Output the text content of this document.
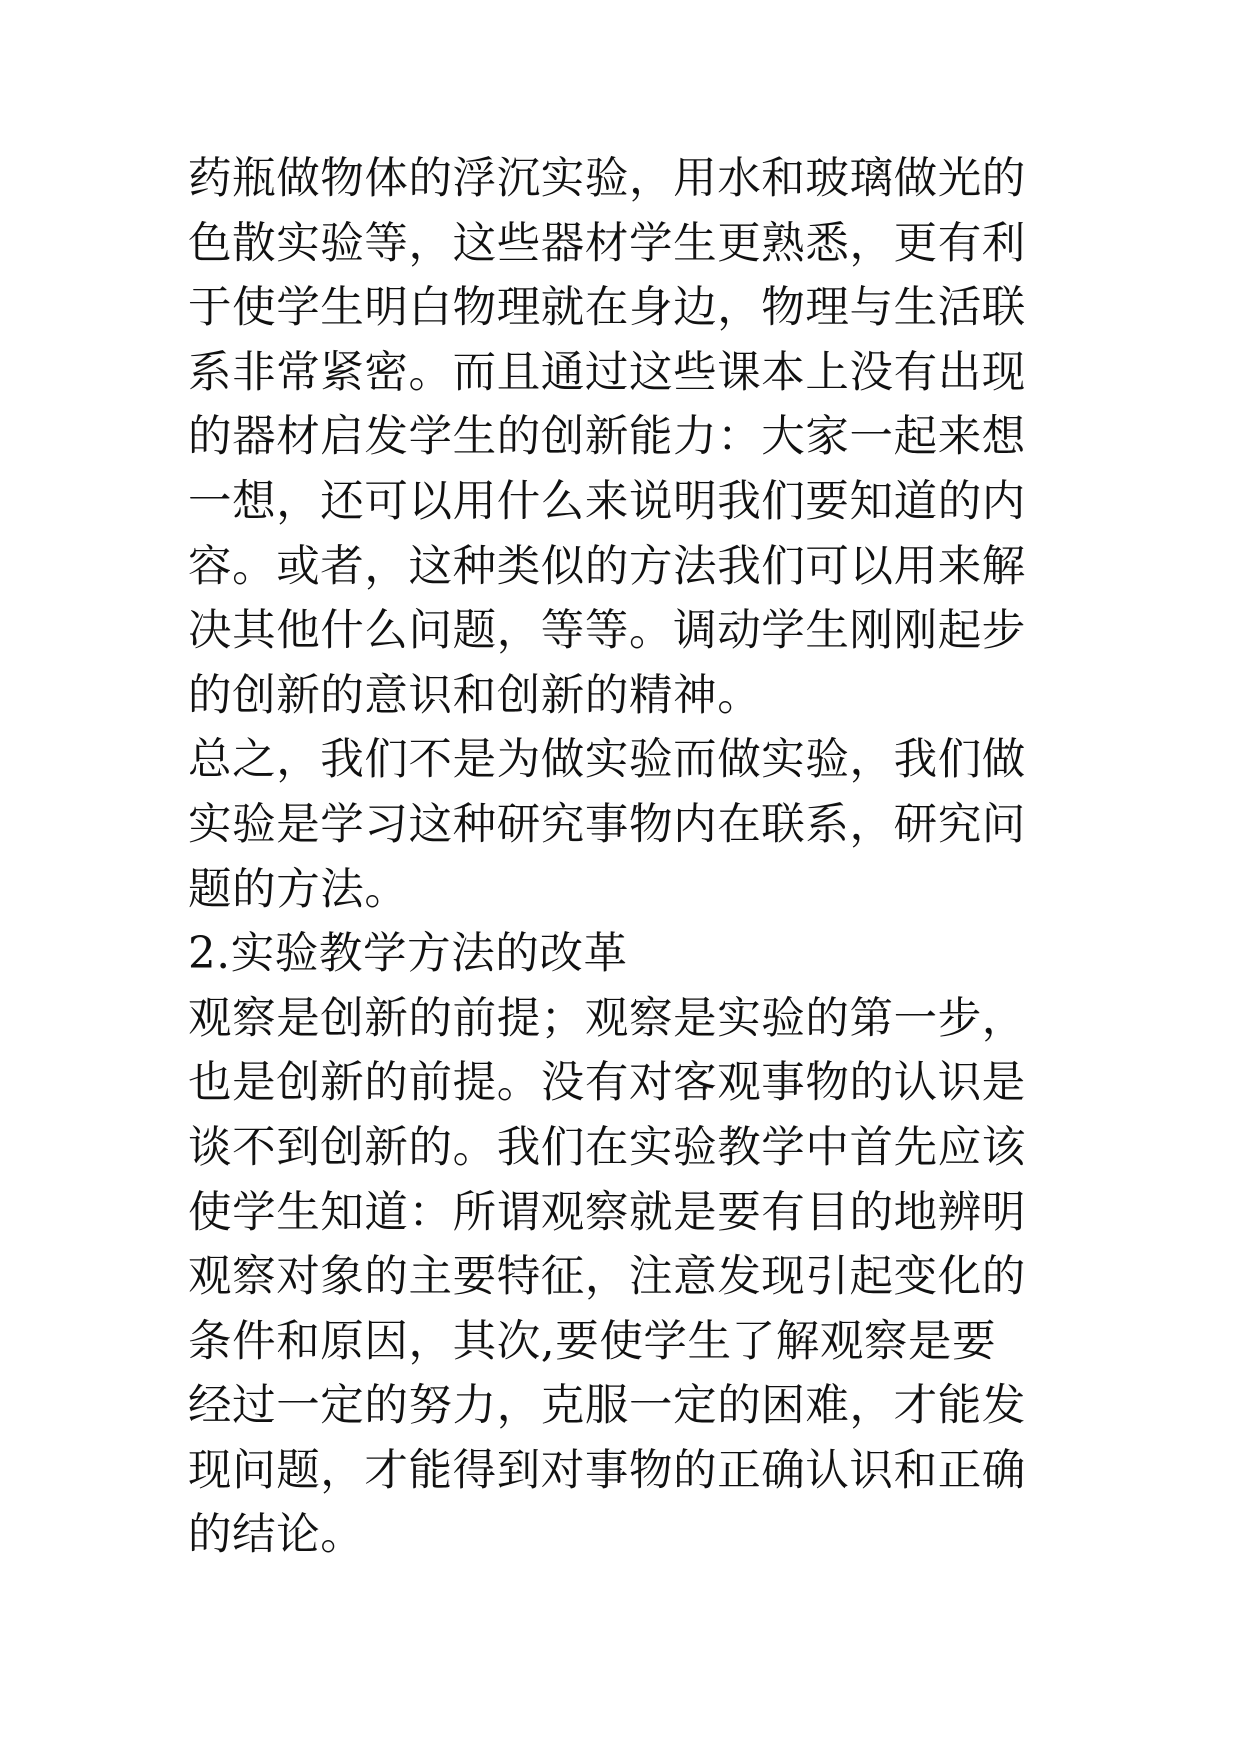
药瓶做物体的浮沉实验，用水和玻璃做光的
色散实验等，这些器材学生更熟悉，更有利
于使学生明白物理就在身边，物理与生活联
系非常紧密。而且通过这些课本上没有出现
的器材启发学生的创新能力：大家一起来想
一想，还可以用什么来说明我们要知道的内
容。或者，这种类似的方法我们可以用来解
决其他什么问题，等等。调动学生刚刚起步
的创新的意识和创新的精神。
总之，我们不是为做实验而做实验，我们做
实验是学习这种研究事物内在联系，研究问
题的方法。
2.实验教学方法的改革
观察是创新的前提；观察是实验的第一步，
也是创新的前提。没有对客观事物的认识是
谈不到创新的。我们在实验教学中首先应该
使学生知道：所谓观察就是要有目的地辨明
观察对象的主要特征，注意发现引起变化的
条件和原因，其次,要使学生了解观察是要
经过一定的努力，克服一定的困难，才能发
现问题，才能得到对事物的正确认识和正确
的结论。
